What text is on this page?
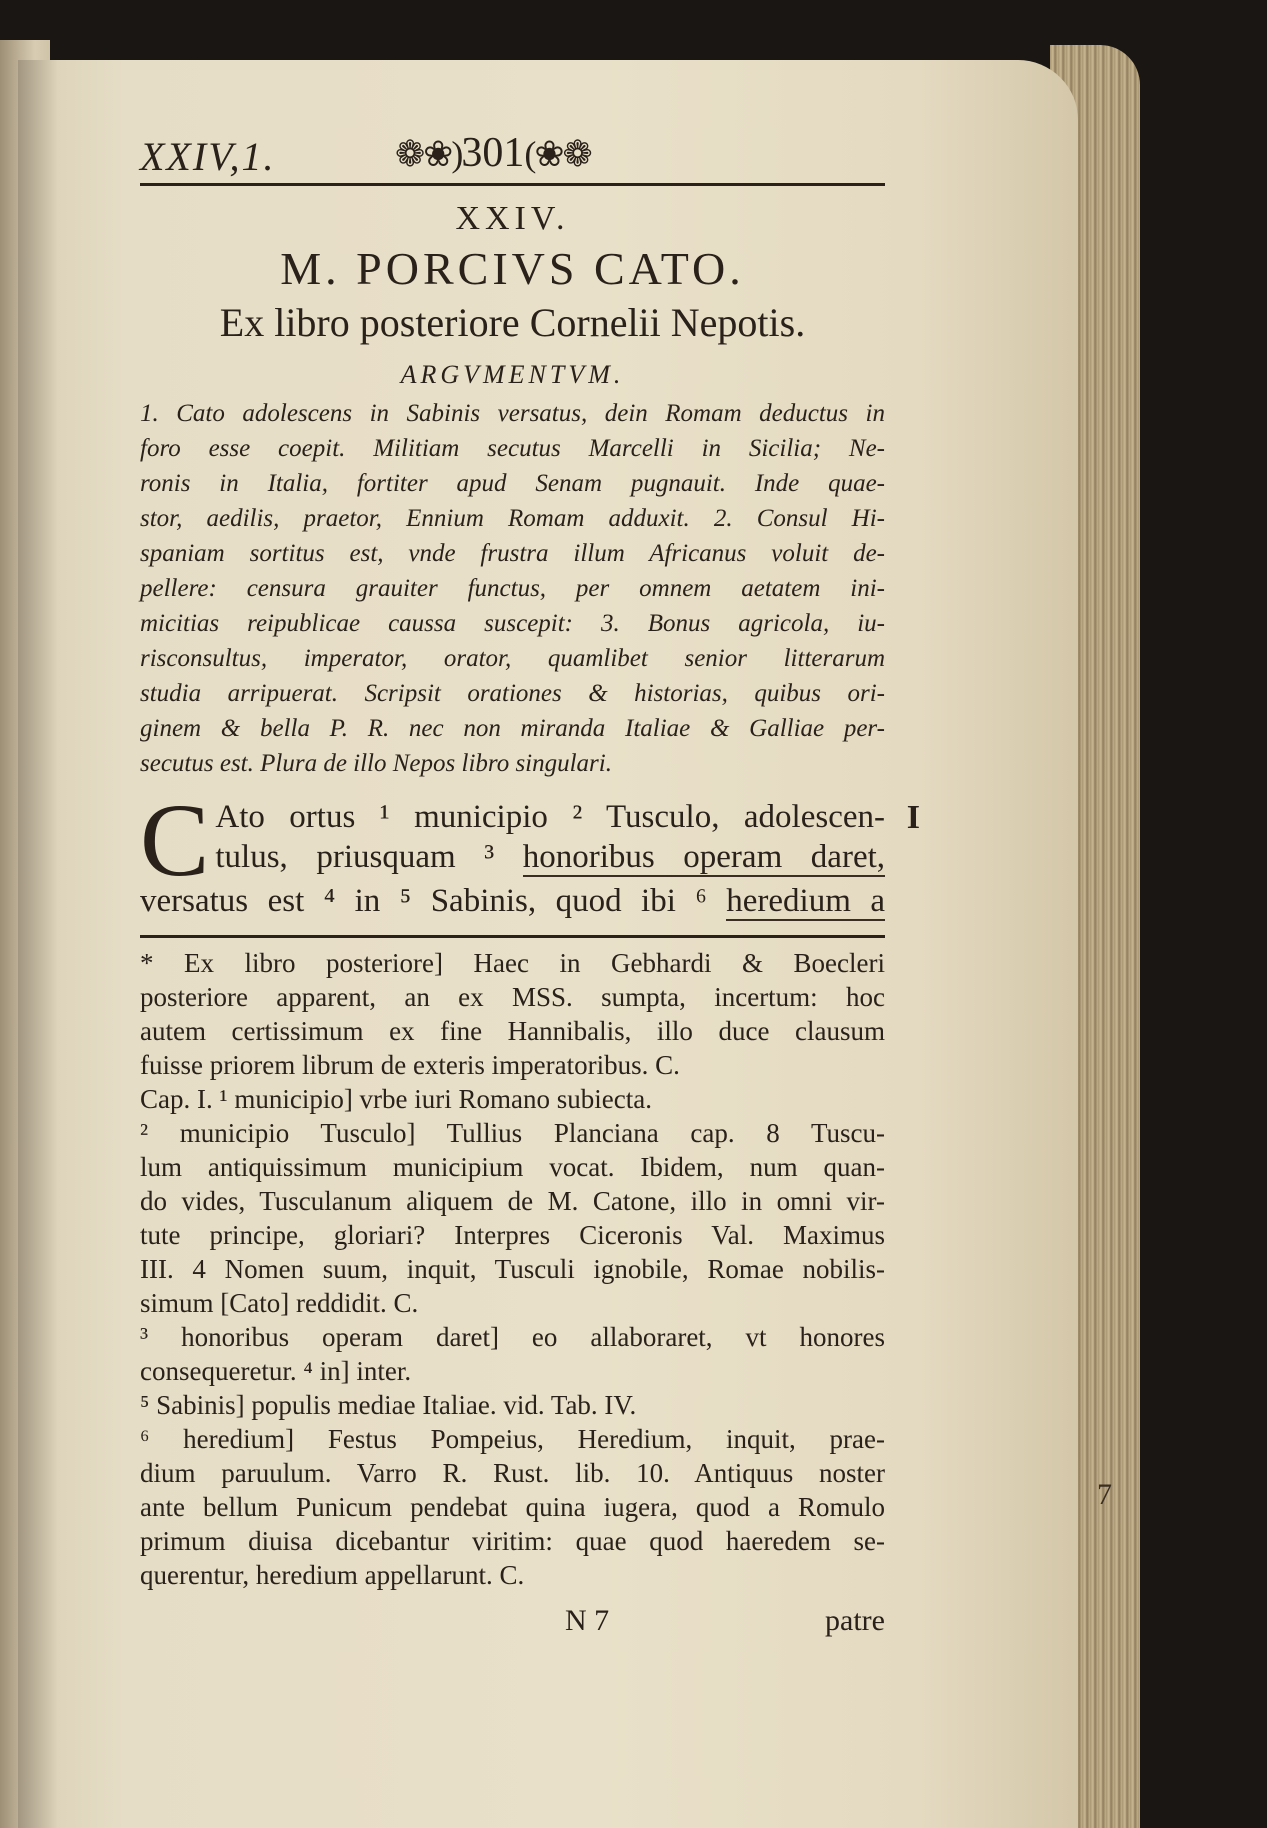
7
XXIV,1.	❁❀)301(❀❁
XXIV.
M. PORCIVS CATO.
Ex libro posteriore Cornelii Nepotis.
ARGVMENTVM.
1. Cato adolescens in Sabinis versatus, dein Romam deductus in
foro esse coepit. Militiam secutus Marcelli in Sicilia; Ne-
ronis in Italia, fortiter apud Senam pugnauit. Inde quae-
stor, aedilis, praetor, Ennium Romam adduxit. 2. Consul Hi-
spaniam sortitus est, vnde frustra illum Africanus voluit de-
pellere: censura grauiter functus, per omnem aetatem ini-
micitias reipublicae caussa suscepit: 3. Bonus agricola, iu-
risconsultus, imperator, orator, quamlibet senior litterarum
studia arripuerat. Scripsit orationes & historias, quibus ori-
ginem & bella P. R. nec non miranda Italiae & Galliae per-
secutus est. Plura de illo Nepos libro singulari.
I
C Ato ortus ¹ municipio ² Tusculo, adolescen-
tulus, priusquam ³ honoribus operam daret,
versatus est ⁴ in ⁵ Sabinis, quod ibi ⁶ heredium a
* Ex libro posteriore] Haec in Gebhardi & Boecleri
posteriore apparent, an ex MSS. sumpta, incertum: hoc
autem certissimum ex fine Hannibalis, illo duce clausum
fuisse priorem librum de exteris imperatoribus. C.
Cap. I. ¹ municipio] vrbe iuri Romano subiecta.
² municipio Tusculo] Tullius Planciana cap. 8 Tuscu-
lum antiquissimum municipium vocat. Ibidem, num quan-
do vides, Tusculanum aliquem de M. Catone, illo in omni vir-
tute principe, gloriari? Interpres Ciceronis Val. Maximus
III. 4 Nomen suum, inquit, Tusculi ignobile, Romae nobilis-
simum [Cato] reddidit. C.
³ honoribus operam daret] eo allaboraret, vt honores
consequeretur. ⁴ in] inter.
⁵ Sabinis] populis mediae Italiae. vid. Tab. IV.
⁶ heredium] Festus Pompeius, Heredium, inquit, prae-
dium paruulum. Varro R. Rust. lib. 10. Antiquus noster
ante bellum Punicum pendebat quina iugera, quod a Romulo
primum diuisa dicebantur viritim: quae quod haeredem se-
querentur, heredium appellarunt. C.
N 7	patre
